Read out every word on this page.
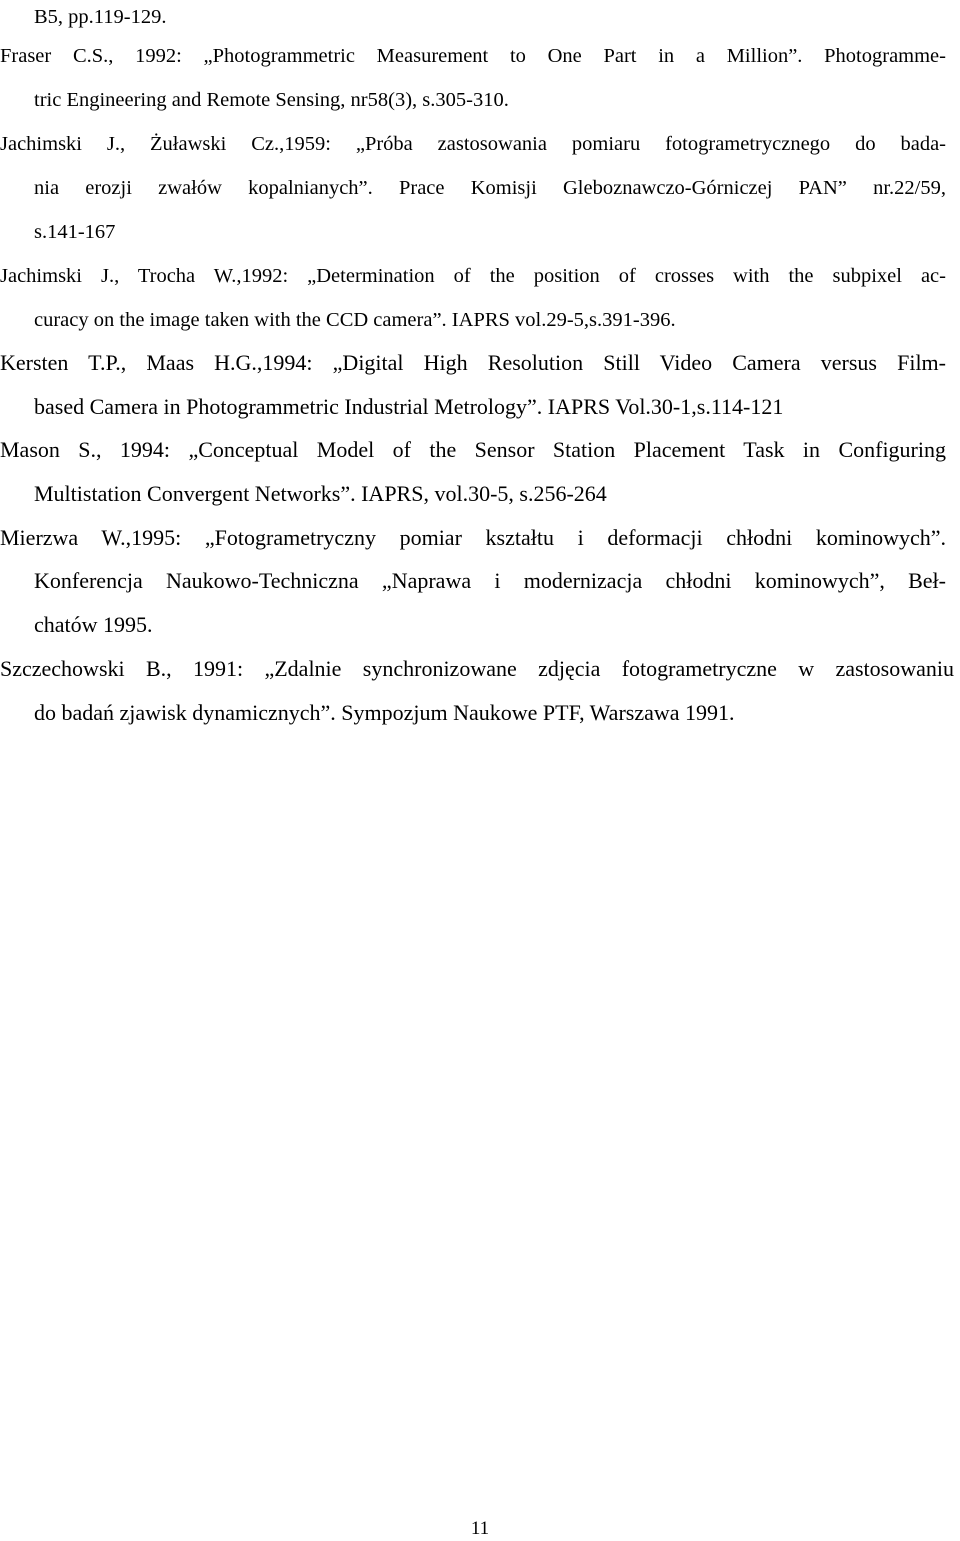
B5, pp.119-129.
Fraser C.S., 1992: „Photogrammetric Measurement to One Part in a Million”. Photogramme-
tric Engineering and Remote Sensing, nr58(3), s.305-310.
Jachimski J., Żuławski Cz.,1959: „Próba zastosowania pomiaru fotogrametrycznego do bada-
nia erozji zwałów kopalnianych”. Prace Komisji Gleboznawczo-Górniczej PAN” nr.22/59,
s.141-167
Jachimski J., Trocha W.,1992: „Determination of the position of crosses with the subpixel ac-
curacy on the image taken with the CCD camera”. IAPRS vol.29-5,s.391-396.
Kersten T.P., Maas H.G.,1994: „Digital High Resolution Still Video Camera versus Film-
based Camera in Photogrammetric Industrial Metrology”. IAPRS Vol.30-1,s.114-121
Mason S., 1994: „Conceptual Model of the Sensor Station Placement Task in Configuring
Multistation Convergent Networks”. IAPRS, vol.30-5, s.256-264
Mierzwa W.,1995: „Fotogrametryczny pomiar kształtu i deformacji chłodni kominowych”.
Konferencja Naukowo-Techniczna „Naprawa i modernizacja chłodni kominowych”, Beł-
chatów 1995.
Szczechowski B., 1991: „Zdalnie synchronizowane zdjęcia fotogrametryczne w zastosowaniu
do badań zjawisk dynamicznych”. Sympozjum Naukowe PTF, Warszawa 1991.
11
